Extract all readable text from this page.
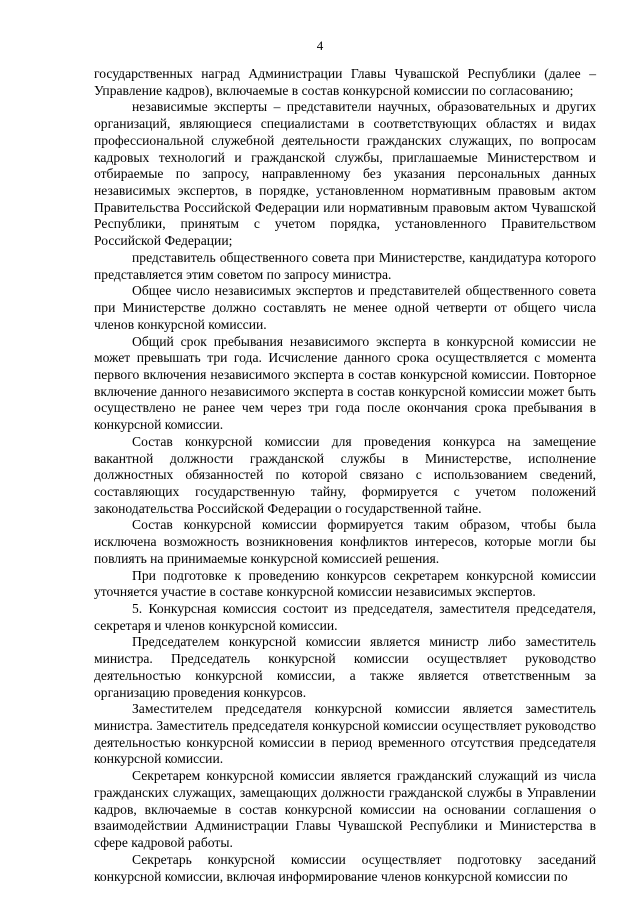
4

государственных наград Администрации Главы Чувашской Республики (далее – Управление кадров), включаемые в состав конкурсной комиссии по согласованию;

независимые эксперты – представители научных, образовательных и других организаций, являющиеся специалистами в соответствующих областях и видах профессиональной служебной деятельности гражданских служащих, по вопросам кадровых технологий и гражданской службы, приглашаемые Министерством и отбираемые по запросу, направленному без указания персональных данных независимых экспертов, в порядке, установленном нормативным правовым актом Правительства Российской Федерации или нормативным правовым актом Чувашской Республики, принятым с учетом порядка, установленного Правительством Российской Федерации;

представитель общественного совета при Министерстве, кандидатура которого представляется этим советом по запросу министра.

Общее число независимых экспертов и представителей общественного совета при Министерстве должно составлять не менее одной четверти от общего числа членов конкурсной комиссии.

Общий срок пребывания независимого эксперта в конкурсной комиссии не может превышать три года. Исчисление данного срока осуществляется с момента первого включения независимого эксперта в состав конкурсной комиссии. Повторное включение данного независимого эксперта в состав конкурсной комиссии может быть осуществлено не ранее чем через три года после окончания срока пребывания в конкурсной комиссии.

Состав конкурсной комиссии для проведения конкурса на замещение вакантной должности гражданской службы в Министерстве, исполнение должностных обязанностей по которой связано с использованием сведений, составляющих государственную тайну, формируется с учетом положений законодательства Российской Федерации о государственной тайне.

Состав конкурсной комиссии формируется таким образом, чтобы была исключена возможность возникновения конфликтов интересов, которые могли бы повлиять на принимаемые конкурсной комиссией решения.

При подготовке к проведению конкурсов секретарем конкурсной комиссии уточняется участие в составе конкурсной комиссии независимых экспертов.

5. Конкурсная комиссия состоит из председателя, заместителя председателя, секретаря и членов конкурсной комиссии.

Председателем конкурсной комиссии является министр либо заместитель министра. Председатель конкурсной комиссии осуществляет руководство деятельностью конкурсной комиссии, а также является ответственным за организацию проведения конкурсов.

Заместителем председателя конкурсной комиссии является заместитель министра. Заместитель председателя конкурсной комиссии осуществляет руководство деятельностью конкурсной комиссии в период временного отсутствия председателя конкурсной комиссии.

Секретарем конкурсной комиссии является гражданский служащий из числа гражданских служащих, замещающих должности гражданской службы в Управлении кадров, включаемые в состав конкурсной комиссии на основании соглашения о взаимодействии Администрации Главы Чувашской Республики и Министерства в сфере кадровой работы.

Секретарь конкурсной комиссии осуществляет подготовку заседаний конкурсной комиссии, включая информирование членов конкурсной комиссии по
